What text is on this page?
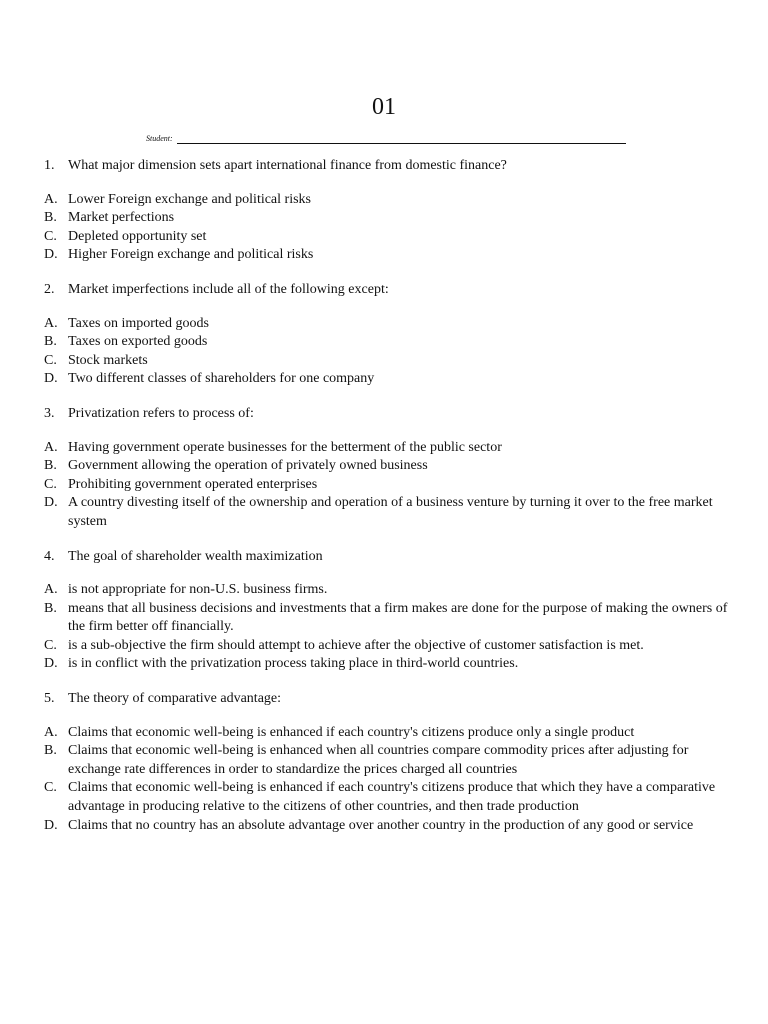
01
Student:
1. What major dimension sets apart international finance from domestic finance?
A. Lower Foreign exchange and political risks
B. Market perfections
C. Depleted opportunity set
D. Higher Foreign exchange and political risks
2. Market imperfections include all of the following except:
A. Taxes on imported goods
B. Taxes on exported goods
C. Stock markets
D. Two different classes of shareholders for one company
3. Privatization refers to process of:
A. Having government operate businesses for the betterment of the public sector
B. Government allowing the operation of privately owned business
C. Prohibiting government operated enterprises
D. A country divesting itself of the ownership and operation of a business venture by turning it over to the free market system
4. The goal of shareholder wealth maximization
A. is not appropriate for non-U.S. business firms.
B. means that all business decisions and investments that a firm makes are done for the purpose of making the owners of the firm better off financially.
C. is a sub-objective the firm should attempt to achieve after the objective of customer satisfaction is met.
D. is in conflict with the privatization process taking place in third-world countries.
5. The theory of comparative advantage:
A. Claims that economic well-being is enhanced if each country's citizens produce only a single product
B. Claims that economic well-being is enhanced when all countries compare commodity prices after adjusting for exchange rate differences in order to standardize the prices charged all countries
C. Claims that economic well-being is enhanced if each country's citizens produce that which they have a comparative advantage in producing relative to the citizens of other countries, and then trade production
D. Claims that no country has an absolute advantage over another country in the production of any good or service
